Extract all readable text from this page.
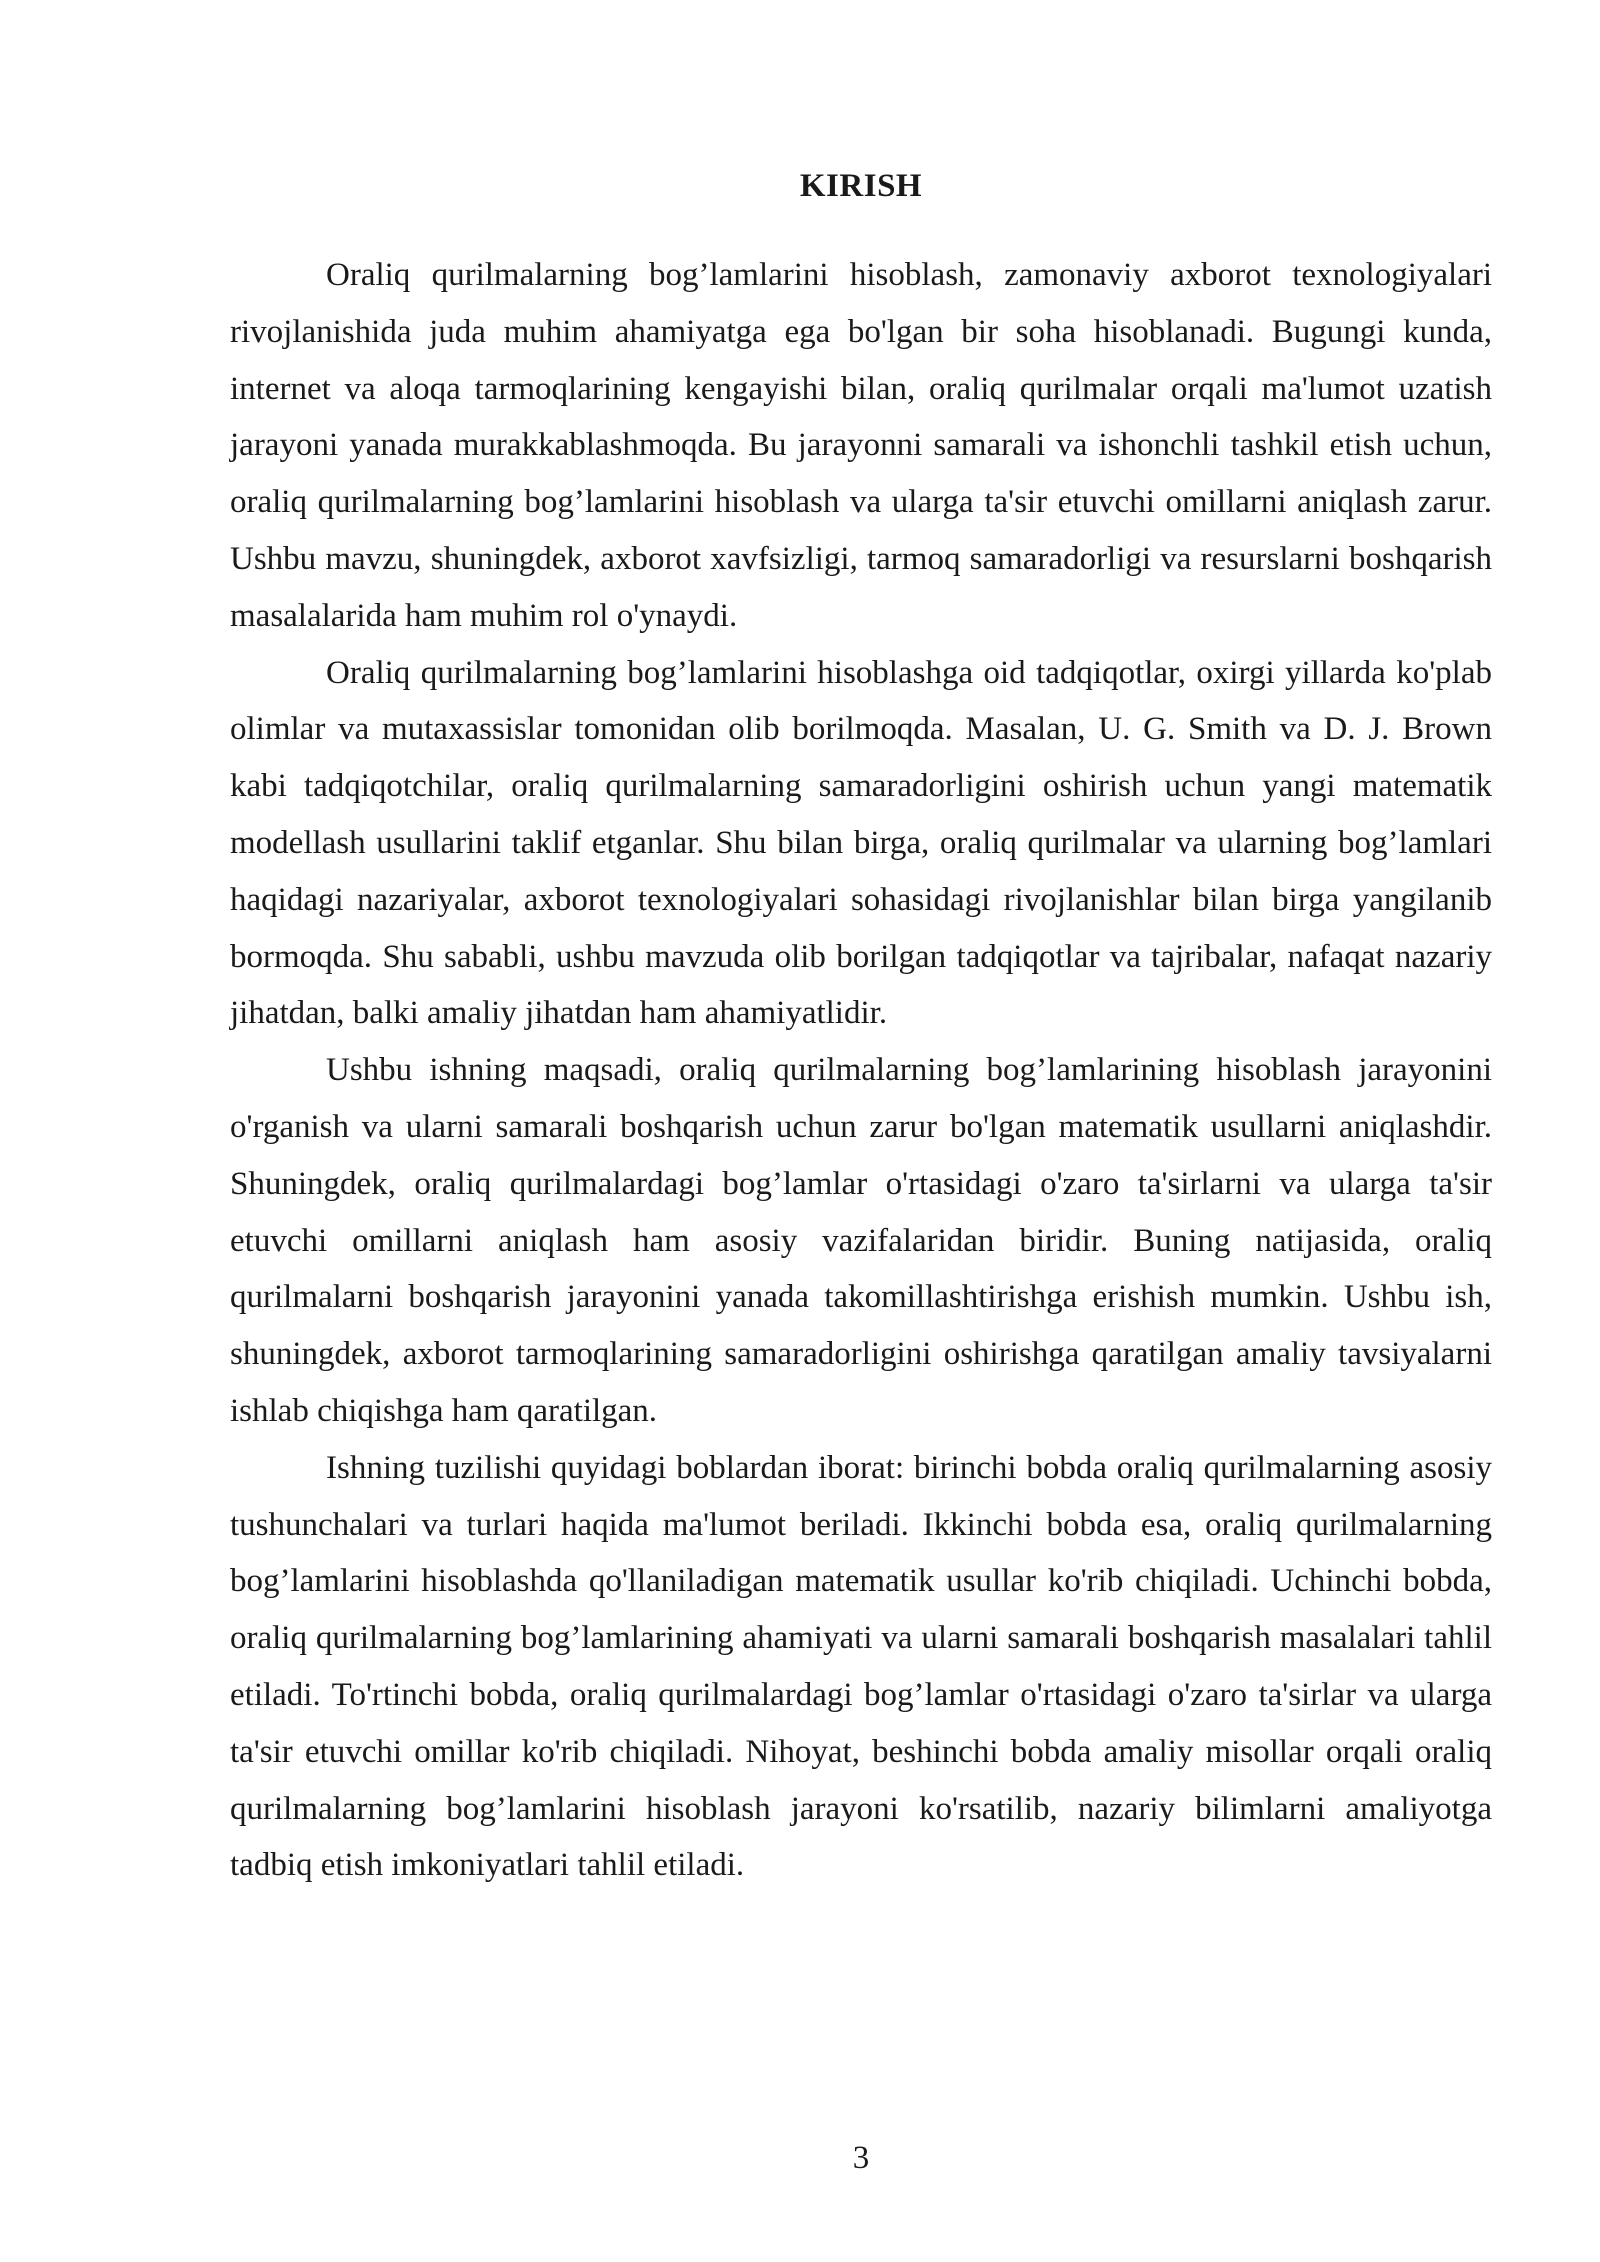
KIRISH

Oraliq qurilmalarning bog’lamlarini hisoblash, zamonaviy axborot texnologiyalari rivojlanishida juda muhim ahamiyatga ega bo'lgan bir soha hisoblanadi. Bugungi kunda, internet va aloqa tarmoqlarining kengayishi bilan, oraliq qurilmalar orqali ma'lumot uzatish jarayoni yanada murakkablashmoqda. Bu jarayonni samarali va ishonchli tashkil etish uchun, oraliq qurilmalarning bog’lamlarini hisoblash va ularga ta'sir etuvchi omillarni aniqlash zarur. Ushbu mavzu, shuningdek, axborot xavfsizligi, tarmoq samaradorligi va resurslarni boshqarish masalalarida ham muhim rol o'ynaydi.

Oraliq qurilmalarning bog’lamlarini hisoblashga oid tadqiqotlar, oxirgi yillarda ko'plab olimlar va mutaxassislar tomonidan olib borilmoqda. Masalan, U. G. Smith va D. J. Brown kabi tadqiqotchilar, oraliq qurilmalarning samaradorligini oshirish uchun yangi matematik modellash usullarini taklif etganlar. Shu bilan birga, oraliq qurilmalar va ularning bog’lamlari haqidagi nazariyalar, axborot texnologiyalari sohasidagi rivojlanishlar bilan birga yangilanib bormoqda. Shu sababli, ushbu mavzuda olib borilgan tadqiqotlar va tajribalar, nafaqat nazariy jihatdan, balki amaliy jihatdan ham ahamiyatlidir.

Ushbu ishning maqsadi, oraliq qurilmalarning bog’lamlarining hisoblash jarayonini o'rganish va ularni samarali boshqarish uchun zarur bo'lgan matematik usullarni aniqlashdir. Shuningdek, oraliq qurilmalardagi bog’lamlar o'rtasidagi o'zaro ta'sirlarni va ularga ta'sir etuvchi omillarni aniqlash ham asosiy vazifalaridan biridir. Buning natijasida, oraliq qurilmalarni boshqarish jarayonini yanada takomillashtirishga erishish mumkin. Ushbu ish, shuningdek, axborot tarmoqlarining samaradorligini oshirishga qaratilgan amaliy tavsiyalarni ishlab chiqishga ham qaratilgan.

Ishning tuzilishi quyidagi boblardan iborat: birinchi bobda oraliq qurilmalarning asosiy tushunchalari va turlari haqida ma'lumot beriladi. Ikkinchi bobda esa, oraliq qurilmalarning bog’lamlarini hisoblashda qo'llaniladigan matematik usullar ko'rib chiqiladi. Uchinchi bobda, oraliq qurilmalarning bog’lamlarining ahamiyati va ularni samarali boshqarish masalalari tahlil etiladi. To'rtinchi bobda, oraliq qurilmalardagi bog’lamlar o'rtasidagi o'zaro ta'sirlar va ularga ta'sir etuvchi omillar ko'rib chiqiladi. Nihoyat, beshinchi bobda amaliy misollar orqali oraliq qurilmalarning bog’lamlarini hisoblash jarayoni ko'rsatilib, nazariy bilimlarni amaliyotga tadbiq etish imkoniyatlari tahlil etiladi.

3
